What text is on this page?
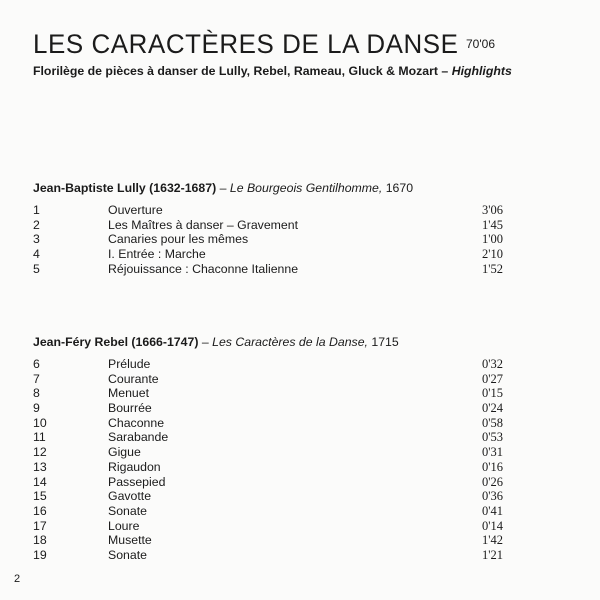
LES CARACTÈRES DE LA DANSE 70'06
Florilège de pièces à danser de Lully, Rebel, Rameau, Gluck & Mozart – Highlights
Jean-Baptiste Lully (1632-1687) – Le Bourgeois Gentilhomme, 1670
1	Ouverture	3'06
2	Les Maîtres à danser – Gravement	1'45
3	Canaries pour les mêmes	1'00
4	I. Entrée : Marche	2'10
5	Réjouissance : Chaconne Italienne	1'52
Jean-Féry Rebel (1666-1747) – Les Caractères de la Danse, 1715
6	Prélude	0'32
7	Courante	0'27
8	Menuet	0'15
9	Bourrée	0'24
10	Chaconne	0'58
11	Sarabande	0'53
12	Gigue	0'31
13	Rigaudon	0'16
14	Passepied	0'26
15	Gavotte	0'36
16	Sonate	0'41
17	Loure	0'14
18	Musette	1'42
19	Sonate	1'21
2
